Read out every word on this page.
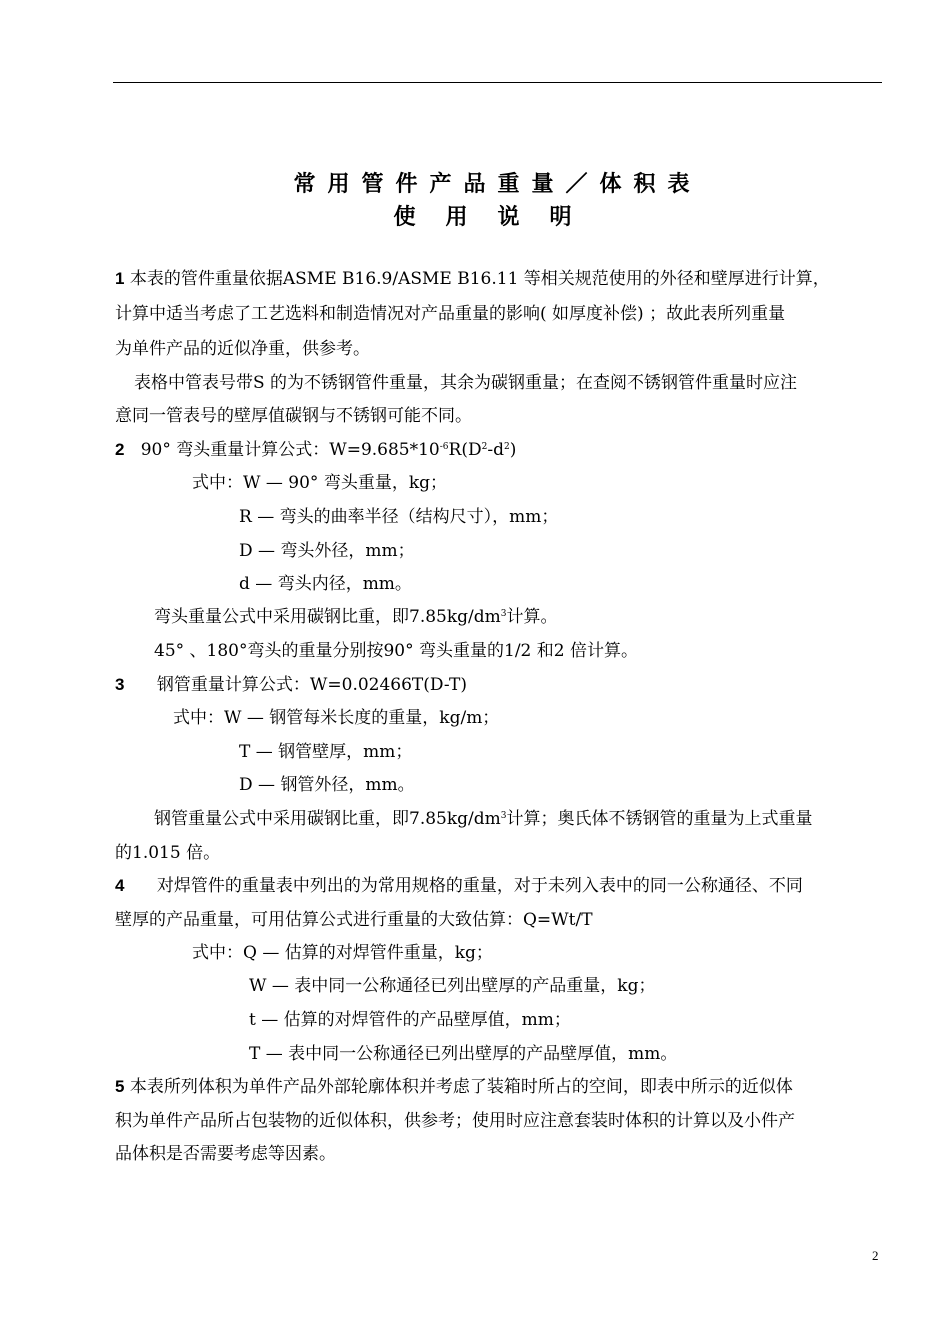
常用管件产品重量／体积表
使用说明
1 本表的管件重量依据ASME B16.9/ASME B16.11 等相关规范使用的外径和壁厚进行计算，
计算中适当考虑了工艺选料和制造情况对产品重量的影响( 如厚度补偿) ；故此表所列重量
为单件产品的近似净重，供参考。
表格中管表号带S 的为不锈钢管件重量，其余为碳钢重量；在查阅不锈钢管件重量时应注
意同一管表号的壁厚值碳钢与不锈钢可能不同。
2 90° 弯头重量计算公式：$W=9.685*10^{-6}R(D^2-d^2)$
式中：W — 90° 弯头重量，kg；
R — 弯头的曲率半径（结构尺寸），mm；
D — 弯头外径，mm；
d — 弯头内径，mm。
弯头重量公式中采用碳钢比重，即$7.85kg/dm^3$计算。
45° 、180°弯头的重量分别按90° 弯头重量的1/2 和2 倍计算。
3 钢管重量计算公式：W=0.02466T(D-T)
式中：W — 钢管每米长度的重量，kg/m；
T — 钢管壁厚，mm；
D — 钢管外径，mm。
钢管重量公式中采用碳钢比重，即$7.85kg/dm^3$计算；奥氏体不锈钢管的重量为上式重量
的1.015 倍。
4 对焊管件的重量表中列出的为常用规格的重量，对于未列入表中的同一公称通径、不同
壁厚的产品重量，可用估算公式进行重量的大致估算：Q=Wt/T
式中：Q — 估算的对焊管件重量，kg；
W — 表中同一公称通径已列出壁厚的产品重量，kg；
t — 估算的对焊管件的产品壁厚值，mm；
T — 表中同一公称通径已列出壁厚的产品壁厚值，mm。
5 本表所列体积为单件产品外部轮廓体积并考虑了装箱时所占的空间，即表中所示的近似体
积为单件产品所占包装物的近似体积，供参考；使用时应注意套装时体积的计算以及小件产
品体积是否需要考虑等因素。
2
